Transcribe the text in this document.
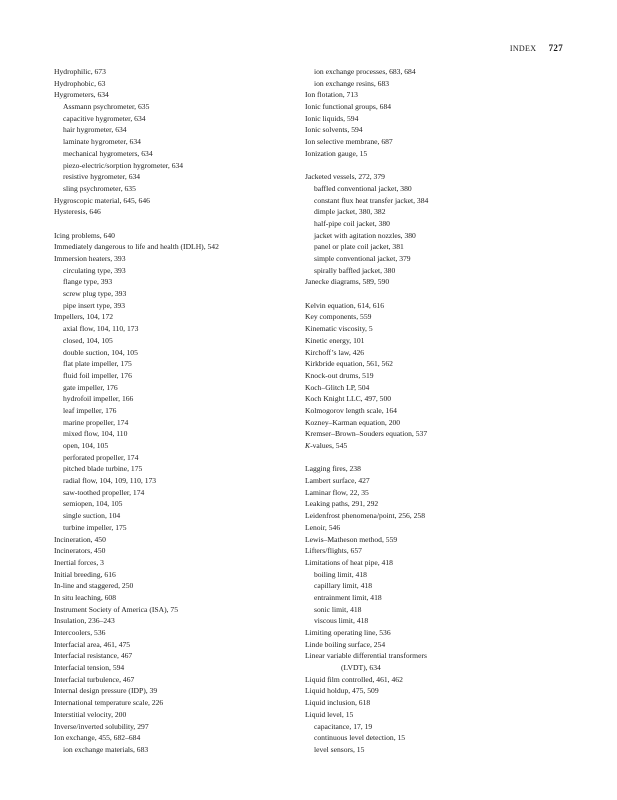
INDEX 727
Hydrophilic, 673
Hydrophobic, 63
Hygrometers, 634
Assmann psychrometer, 635
capacitive hygrometer, 634
hair hygrometer, 634
laminate hygrometer, 634
mechanical hygrometers, 634
piezo-electric/sorption hygrometer, 634
resistive hygrometer, 634
sling psychrometer, 635
Hygroscopic material, 645, 646
Hysteresis, 646
Icing problems, 640
Immediately dangerous to life and health (IDLH), 542
Immersion heaters, 393
circulating type, 393
flange type, 393
screw plug type, 393
pipe insert type, 393
Impellers, 104, 172
axial flow, 104, 110, 173
closed, 104, 105
double suction, 104, 105
flat plate impeller, 175
fluid foil impeller, 176
gate impeller, 176
hydrofoil impeller, 166
leaf impeller, 176
marine propeller, 174
mixed flow, 104, 110
open, 104, 105
perforated propeller, 174
pitched blade turbine, 175
radial flow, 104, 109, 110, 173
saw-toothed propeller, 174
semiopen, 104, 105
single suction, 104
turbine impeller, 175
Incineration, 450
Incinerators, 450
Inertial forces, 3
Initial breeding, 616
In-line and staggered, 250
In situ leaching, 608
Instrument Society of America (ISA), 75
Insulation, 236–243
Intercoolers, 536
Interfacial area, 461, 475
Interfacial resistance, 467
Interfacial tension, 594
Interfacial turbulence, 467
Internal design pressure (IDP), 39
International temperature scale, 226
Interstitial velocity, 200
Inverse/inverted solubility, 297
Ion exchange, 455, 682–684
ion exchange materials, 683
ion exchange processes, 683, 684
ion exchange resins, 683
Ion flotation, 713
Ionic functional groups, 684
Ionic liquids, 594
Ionic solvents, 594
Ion selective membrane, 687
Ionization gauge, 15
Jacketed vessels, 272, 379
baffled conventional jacket, 380
constant flux heat transfer jacket, 384
dimple jacket, 380, 382
half-pipe coil jacket, 380
jacket with agitation nozzles, 380
panel or plate coil jacket, 381
simple conventional jacket, 379
spirally baffled jacket, 380
Janecke diagrams, 589, 590
Kelvin equation, 614, 616
Key components, 559
Kinematic viscosity, 5
Kinetic energy, 101
Kirchoff’s law, 426
Kirkbride equation, 561, 562
Knock-out drums, 519
Koch–Glitch LP, 504
Koch Knight LLC, 497, 500
Kolmogorov length scale, 164
Kozney–Karman equation, 200
Kremser–Brown–Souders equation, 537
K-values, 545
Lagging fires, 238
Lambert surface, 427
Laminar flow, 22, 35
Leaking paths, 291, 292
Leidenfrost phenomena/point, 256, 258
Lenoir, 546
Lewis–Matheson method, 559
Lifters/flights, 657
Limitations of heat pipe, 418
boiling limit, 418
capillary limit, 418
entrainment limit, 418
sonic limit, 418
viscous limit, 418
Limiting operating line, 536
Linde boiling surface, 254
Linear variable differential transformers
(LVDT), 634
Liquid film controlled, 461, 462
Liquid holdup, 475, 509
Liquid inclusion, 618
Liquid level, 15
capacitance, 17, 19
continuous level detection, 15
level sensors, 15
